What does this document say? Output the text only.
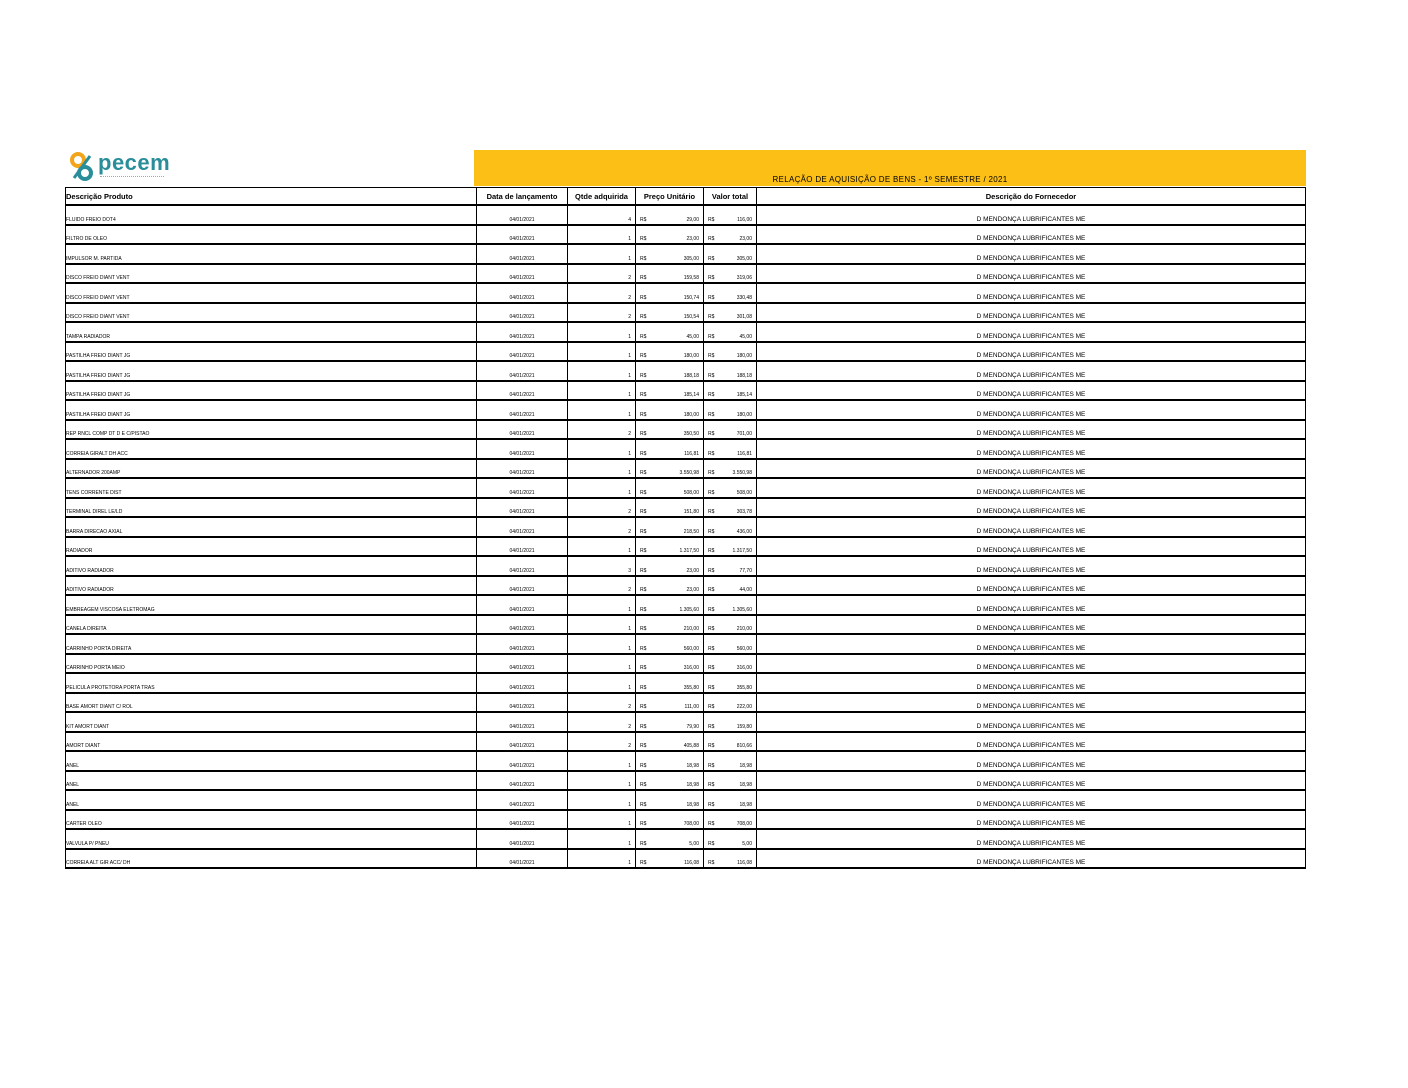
pecem
RELAÇÃO DE AQUISIÇÃO DE BENS - 1º SEMESTRE / 2021
Descrição Produto	Data de lançamento	Qtde adquirida	Preço Unitário	Valor total	Descrição do Fornecedor
FLUIDO FREIO DOT4	04/01/2021	4	R$ 29,00	R$ 116,00	D MENDONÇA LUBRIFICANTES ME
FILTRO DE OLEO	04/01/2021	1	R$ 23,00	R$ 23,00	D MENDONÇA LUBRIFICANTES ME
IMPULSOR M. PARTIDA	04/01/2021	1	R$ 305,00	R$ 305,00	D MENDONÇA LUBRIFICANTES ME
DISCO FREIO DIANT VENT	04/01/2021	2	R$ 159,58	R$ 319,06	D MENDONÇA LUBRIFICANTES ME
DISCO FREIO DIANT VENT	04/01/2021	2	R$ 150,74	R$ 330,48	D MENDONÇA LUBRIFICANTES ME
DISCO FREIO DIANT VENT	04/01/2021	2	R$ 150,54	R$ 301,08	D MENDONÇA LUBRIFICANTES ME
TAMPA RADIADOR	04/01/2021	1	R$ 45,00	R$ 45,00	D MENDONÇA LUBRIFICANTES ME
PASTILHA FREIO DIANT JG	04/01/2021	1	R$ 180,00	R$ 180,00	D MENDONÇA LUBRIFICANTES ME
PASTILHA FREIO DIANT JG	04/01/2021	1	R$ 188,18	R$ 188,18	D MENDONÇA LUBRIFICANTES ME
PASTILHA FREIO DIANT JG	04/01/2021	1	R$ 185,14	R$ 185,14	D MENDONÇA LUBRIFICANTES ME
PASTILHA FREIO DIANT JG	04/01/2021	1	R$ 180,00	R$ 180,00	D MENDONÇA LUBRIFICANTES ME
REP RNCL COMP DT D E C/PISTAO	04/01/2021	2	R$ 350,50	R$ 701,00	D MENDONÇA LUBRIFICANTES ME
CORREIA GIRALT DH ACC	04/01/2021	1	R$ 116,81	R$ 116,81	D MENDONÇA LUBRIFICANTES ME
ALTERNADOR 200AMP	04/01/2021	1	R$ 3.550,98	R$ 3.550,98	D MENDONÇA LUBRIFICANTES ME
TENS CORRENTE DIST	04/01/2021	1	R$ 508,00	R$ 508,00	D MENDONÇA LUBRIFICANTES ME
TERMINAL DIREL LE/LD	04/01/2021	2	R$ 151,80	R$ 303,78	D MENDONÇA LUBRIFICANTES ME
BARRA DIRECAO AXIAL	04/01/2021	2	R$ 218,50	R$ 436,00	D MENDONÇA LUBRIFICANTES ME
RADIADOR	04/01/2021	1	R$ 1.317,50	R$ 1.317,50	D MENDONÇA LUBRIFICANTES ME
ADITIVO RADIADOR	04/01/2021	3	R$ 23,00	R$ 77,70	D MENDONÇA LUBRIFICANTES ME
ADITIVO RADIADOR	04/01/2021	2	R$ 23,00	R$ 44,00	D MENDONÇA LUBRIFICANTES ME
EMBREAGEM VISCOSA ELETROMAG	04/01/2021	1	R$ 1.305,60	R$ 1.305,60	D MENDONÇA LUBRIFICANTES ME
CANELA DIREITA	04/01/2021	1	R$ 210,00	R$ 210,00	D MENDONÇA LUBRIFICANTES ME
CARRINHO PORTA DIREITA	04/01/2021	1	R$ 560,00	R$ 560,00	D MENDONÇA LUBRIFICANTES ME
CARRINHO PORTA MEIO	04/01/2021	1	R$ 316,00	R$ 316,00	D MENDONÇA LUBRIFICANTES ME
PELICULA PROTETORA PORTA TRAS	04/01/2021	1	R$ 355,80	R$ 355,80	D MENDONÇA LUBRIFICANTES ME
BASE AMORT DIANT C/ ROL	04/01/2021	2	R$ 111,00	R$ 222,00	D MENDONÇA LUBRIFICANTES ME
KIT AMORT DIANT	04/01/2021	2	R$ 79,90	R$ 159,80	D MENDONÇA LUBRIFICANTES ME
AMORT DIANT	04/01/2021	2	R$ 405,88	R$ 810,66	D MENDONÇA LUBRIFICANTES ME
ANEL	04/01/2021	1	R$ 18,98	R$ 18,98	D MENDONÇA LUBRIFICANTES ME
ANEL	04/01/2021	1	R$ 18,98	R$ 18,98	D MENDONÇA LUBRIFICANTES ME
ANEL	04/01/2021	1	R$ 18,98	R$ 18,98	D MENDONÇA LUBRIFICANTES ME
CARTER OLEO	04/01/2021	1	R$ 708,00	R$ 708,00	D MENDONÇA LUBRIFICANTES ME
VALVULA P/ PNEU	04/01/2021	1	R$ 5,00	R$ 5,00	D MENDONÇA LUBRIFICANTES ME
CORREIA ALT GIR ACC/ DH	04/01/2021	1	R$ 116,08	R$ 116,08	D MENDONÇA LUBRIFICANTES ME
